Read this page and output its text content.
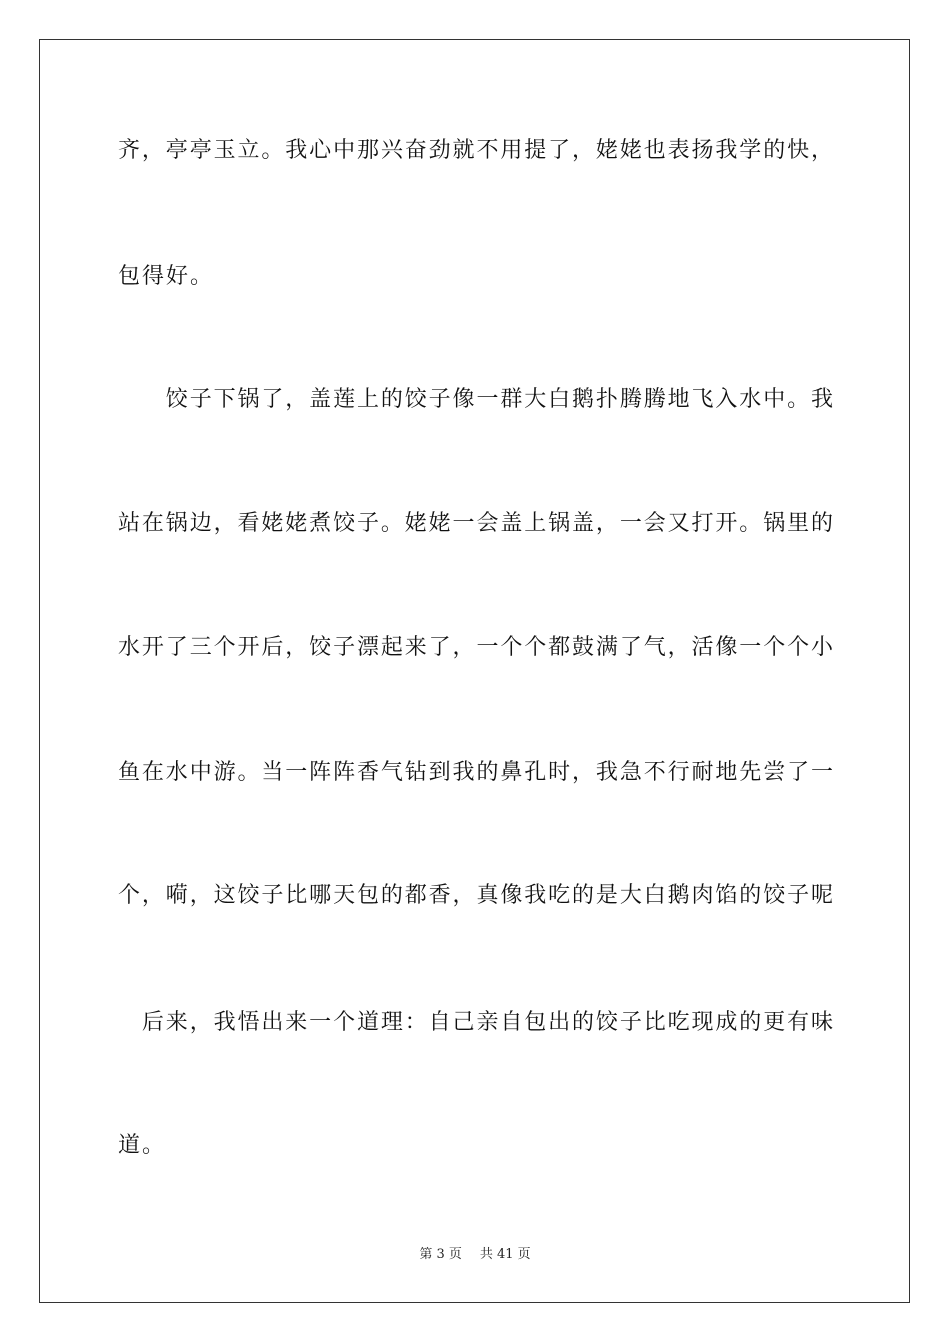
齐，亭亭玉立。我心中那兴奋劲就不用提了，姥姥也表扬我学的快，
包得好。
　　饺子下锅了，盖莲上的饺子像一群大白鹅扑腾腾地飞入水中。我
站在锅边，看姥姥煮饺子。姥姥一会盖上锅盖，一会又打开。锅里的
水开了三个开后，饺子漂起来了，一个个都鼓满了气，活像一个个小
鱼在水中游。当一阵阵香气钻到我的鼻孔时，我急不行耐地先尝了一
个，嗬，这饺子比哪天包的都香，真像我吃的是大白鹅肉馅的饺子呢
　后来，我悟出来一个道理：自己亲自包出的饺子比吃现成的更有味
道。
第 3 页 共 41 页
